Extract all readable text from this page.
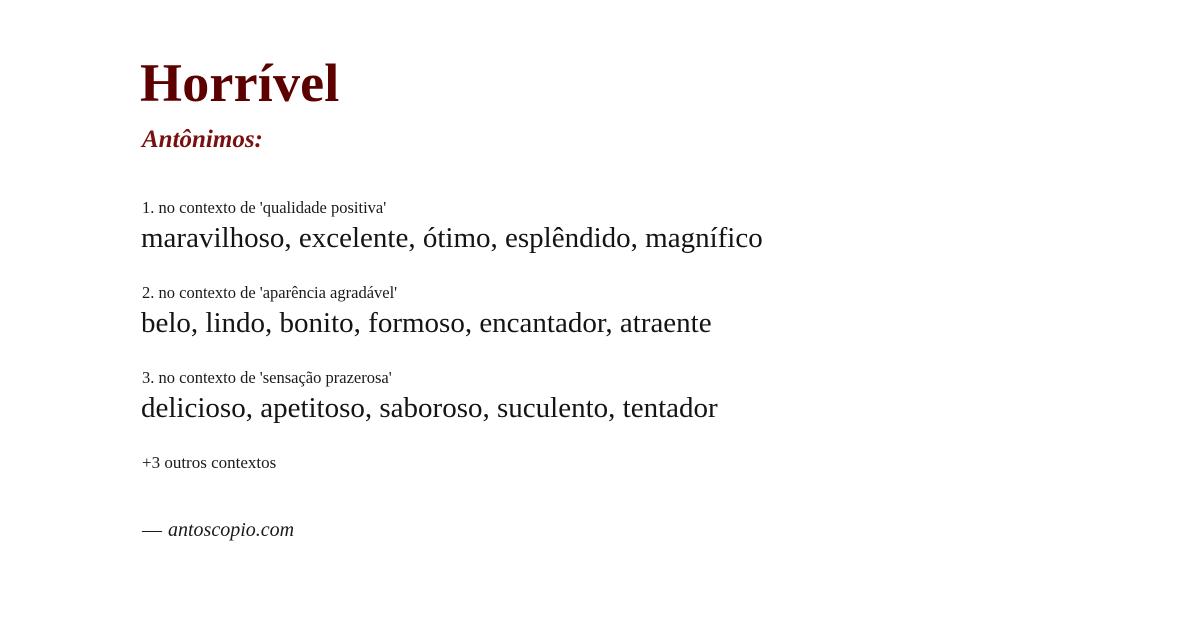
Horrível
Antônimos:
1. no contexto de 'qualidade positiva'
maravilhoso, excelente, ótimo, esplêndido, magnífico
2. no contexto de 'aparência agradável'
belo, lindo, bonito, formoso, encantador, atraente
3. no contexto de 'sensação prazerosa'
delicioso, apetitoso, saboroso, suculento, tentador
+3 outros contextos
— antoscopio.com
